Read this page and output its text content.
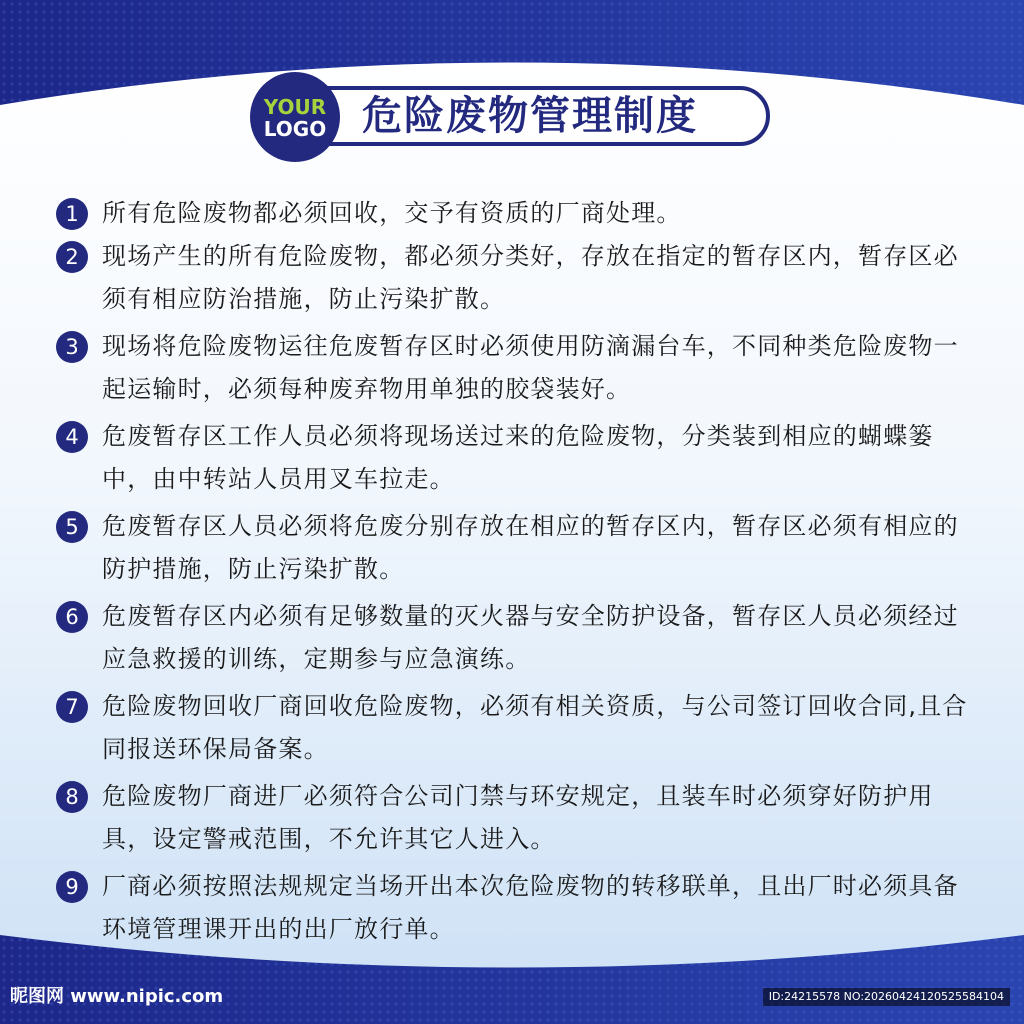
危险废物管理制度
YOUR
LOGO
1 所有危险废物都必须回收，交予有资质的厂商处理。
2 现场产生的所有危险废物，都必须分类好，存放在指定的暂存区内，暂存区必须有相应防治措施，防止污染扩散。
3 现场将危险废物运往危废暂存区时必须使用防滴漏台车，不同种类危险废物一起运输时，必须每种废弃物用单独的胶袋装好。
4 危废暂存区工作人员必须将现场送过来的危险废物，分类装到相应的蝴蝶篓中，由中转站人员用叉车拉走。
5 危废暂存区人员必须将危废分别存放在相应的暂存区内，暂存区必须有相应的防护措施，防止污染扩散。
6 危废暂存区内必须有足够数量的灭火器与安全防护设备，暂存区人员必须经过应急救援的训练，定期参与应急演练。
7 危险废物回收厂商回收危险废物，必须有相关资质，与公司签订回收合同,且合同报送环保局备案。
8 危险废物厂商进厂必须符合公司门禁与环安规定，且装车时必须穿好防护用具，设定警戒范围，不允许其它人进入。
9 厂商必须按照法规规定当场开出本次危险废物的转移联单，且出厂时必须具备环境管理课开出的出厂放行单。
昵图网 www.nipic.com	ID:24215578 NO:20260424120525584104
